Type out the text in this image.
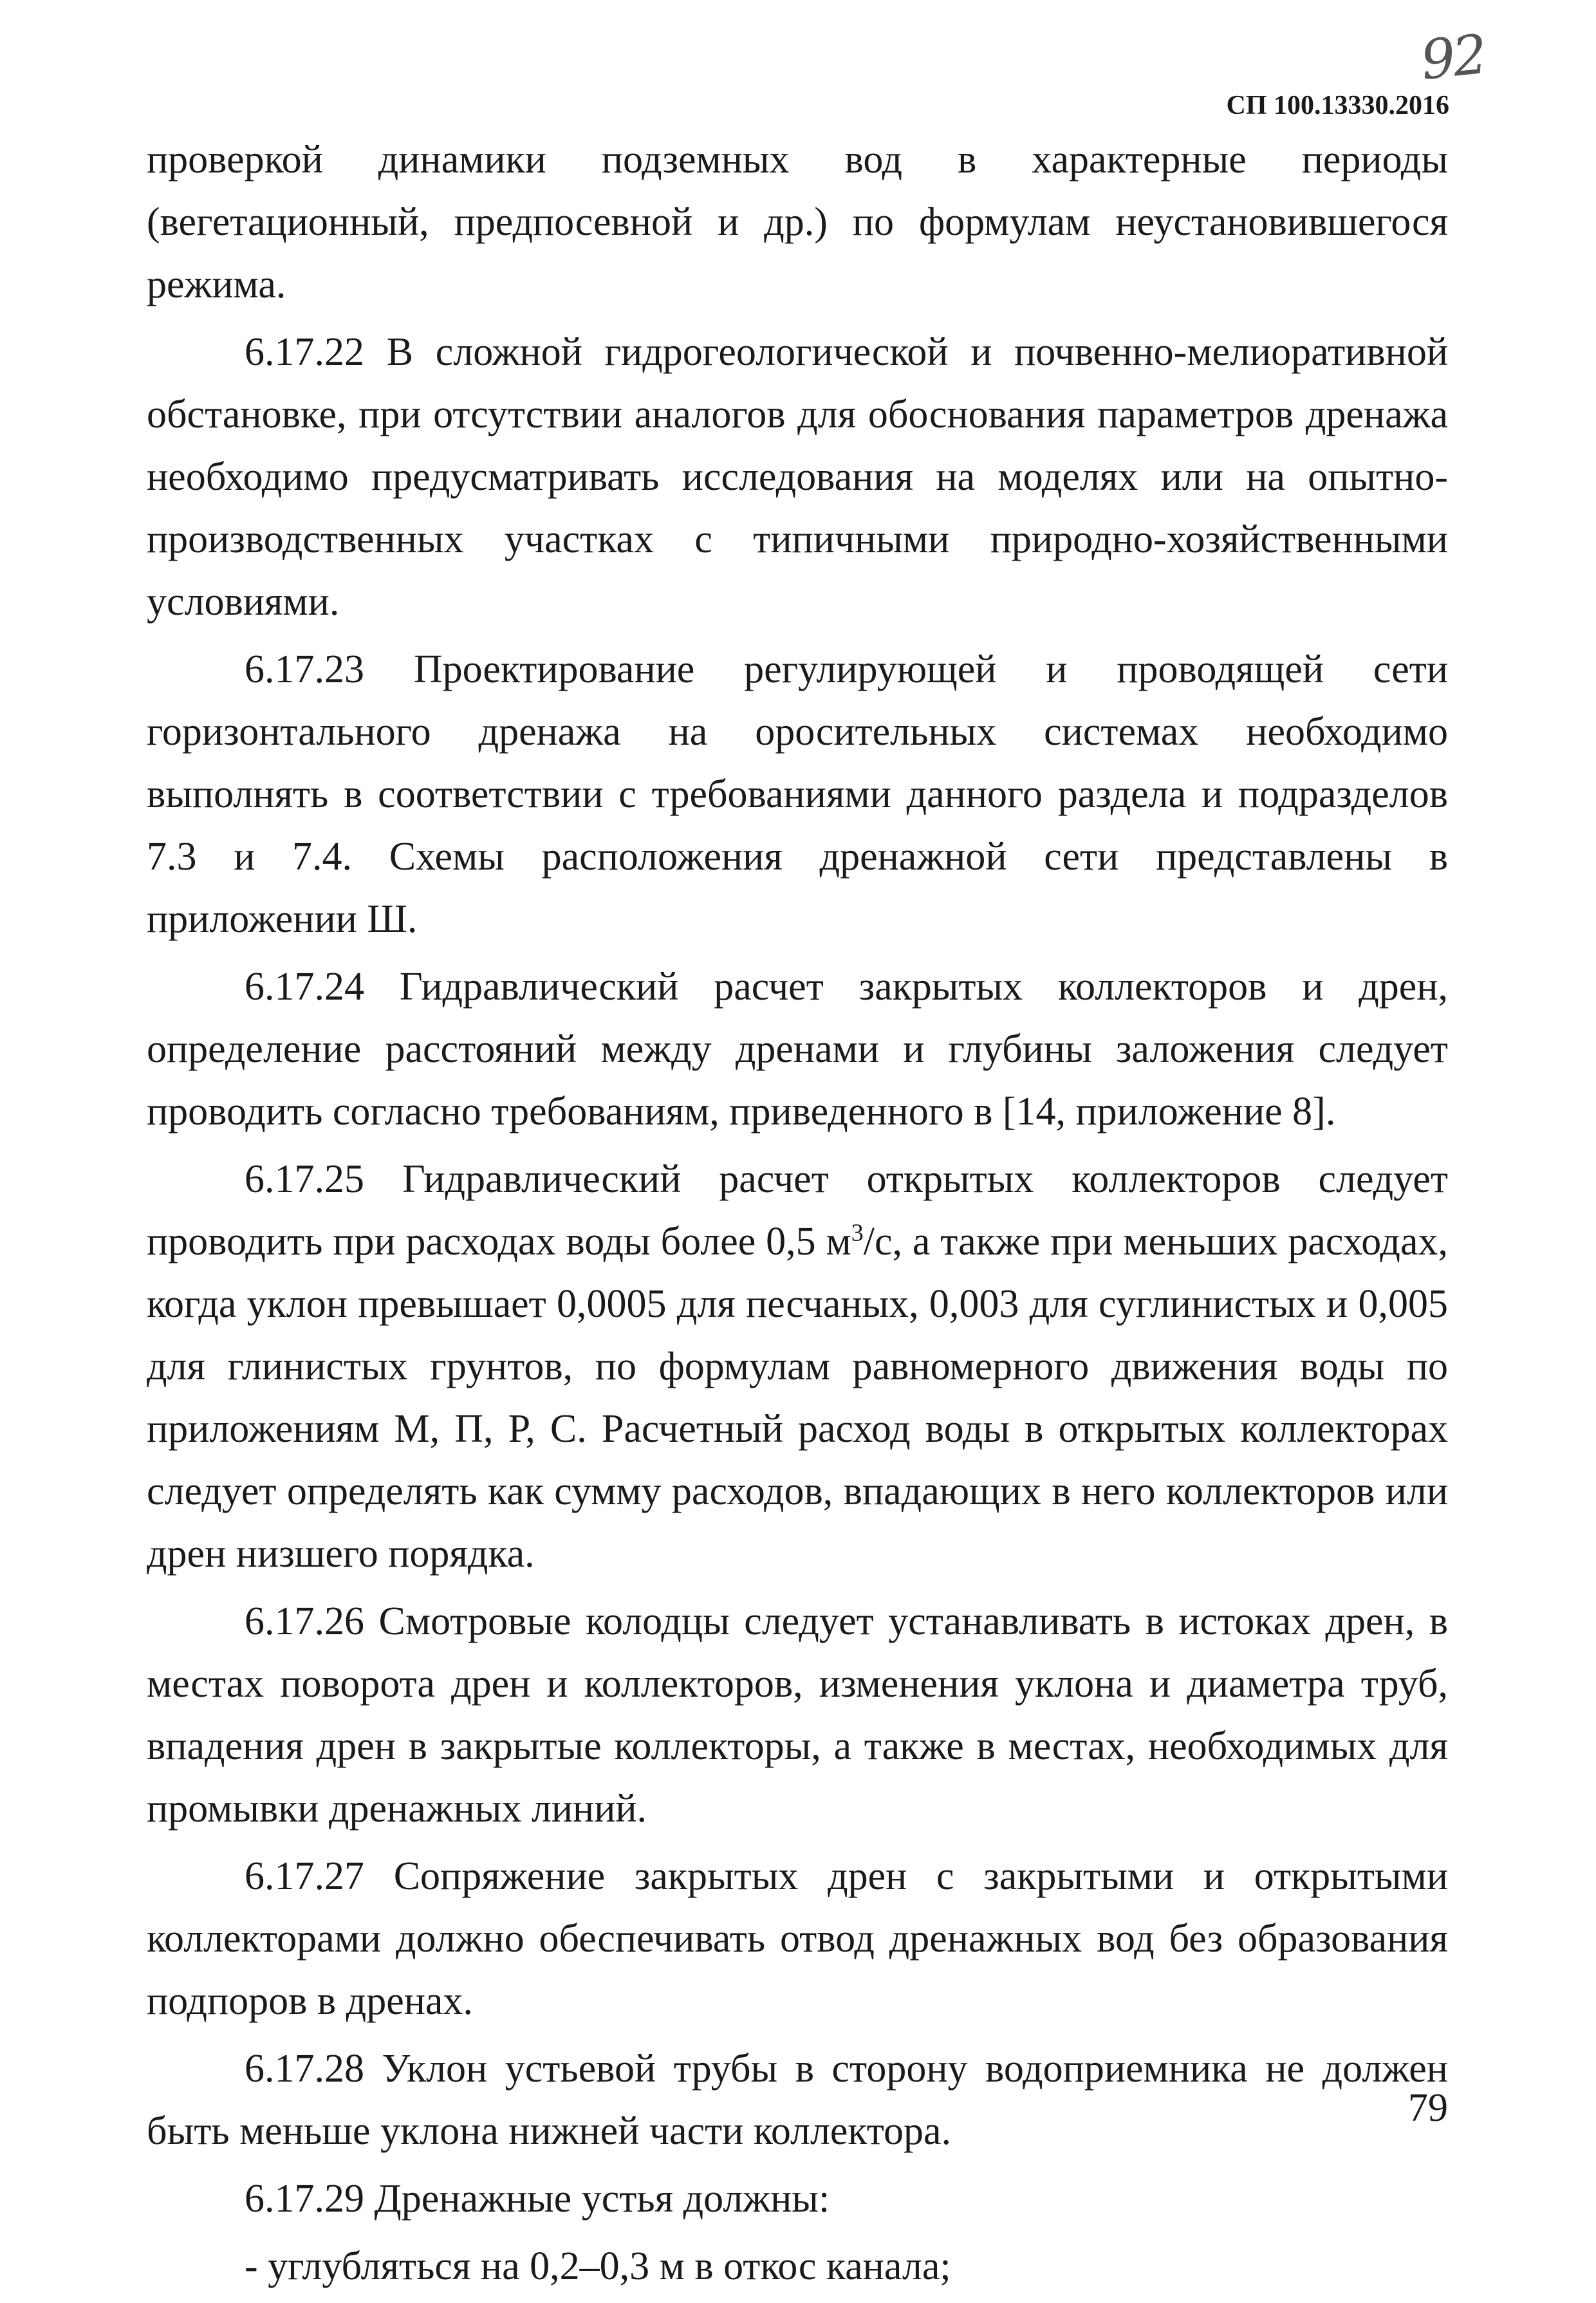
92
СП 100.13330.2016

проверкой динамики подземных вод в характерные периоды (вегетационный, предпосевной и др.) по формулам неустановившегося режима.

6.17.22 В сложной гидрогеологической и почвенно-мелиоративной обстановке, при отсутствии аналогов для обоснования параметров дренажа необходимо предусматривать исследования на моделях или на опытно-производственных участках с типичными природно-хозяйственными условиями.

6.17.23 Проектирование регулирующей и проводящей сети горизонтального дренажа на оросительных системах необходимо выполнять в соответствии с требованиями данного раздела и подразделов 7.3 и 7.4. Схемы расположения дренажной сети представлены в приложении Ш.

6.17.24 Гидравлический расчет закрытых коллекторов и дрен, определение расстояний между дренами и глубины заложения следует проводить согласно требованиям, приведенного в [14, приложение 8].

6.17.25 Гидравлический расчет открытых коллекторов следует проводить при расходах воды более 0,5 $м^3/с$, а также при меньших расходах, когда уклон превышает 0,0005 для песчаных, 0,003 для суглинистых и 0,005 для глинистых грунтов, по формулам равномерного движения воды по приложениям М, П, Р, С. Расчетный расход воды в открытых коллекторах следует определять как сумму расходов, впадающих в него коллекторов или дрен низшего порядка.

6.17.26 Смотровые колодцы следует устанавливать в истоках дрен, в местах поворота дрен и коллекторов, изменения уклона и диаметра труб, впадения дрен в закрытые коллекторы, а также в местах, необходимых для промывки дренажных линий.

6.17.27 Сопряжение закрытых дрен с закрытыми и открытыми коллекторами должно обеспечивать отвод дренажных вод без образования подпоров в дренах.

6.17.28 Уклон устьевой трубы в сторону водоприемника не должен быть меньше уклона нижней части коллектора.

6.17.29 Дренажные устья должны:

- углубляться на 0,2–0,3 м в откос канала;

79
